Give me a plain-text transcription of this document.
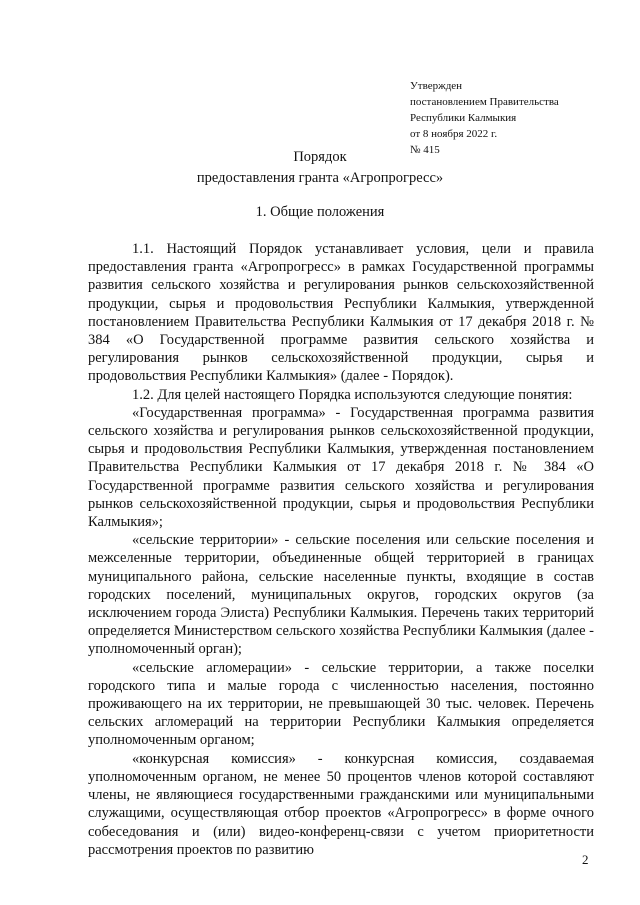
Утвержден
постановлением Правительства
Республики Калмыкия
от 8 ноября 2022 г.
№ 415
Порядок
предоставления гранта «Агропрогресс»
1. Общие положения

1.1. Настоящий Порядок устанавливает условия, цели и правила предоставления гранта «Агропрогресс» в рамках Государственной программы развития сельского хозяйства и регулирования рынков сельскохозяйственной продукции, сырья и продовольствия Республики Калмыкия, утвержденной постановлением Правительства Республики Калмыкия от 17 декабря 2018 г. № 384 «О Государственной программе развития сельского хозяйства и регулирования рынков сельскохозяйственной продукции, сырья и продовольствия Республики Калмыкия» (далее - Порядок).

1.2. Для целей настоящего Порядка используются следующие понятия:

«Государственная программа» - Государственная программа развития сельского хозяйства и регулирования рынков сельскохозяйственной продукции, сырья и продовольствия Республики Калмыкия, утвержденная постановлением Правительства Республики Калмыкия от 17 декабря 2018 г. № 384 «О Государственной программе развития сельского хозяйства и регулирования рынков сельскохозяйственной продукции, сырья и продовольствия Республики Калмыкия»;

«сельские территории» - сельские поселения или сельские поселения и межселенные территории, объединенные общей территорией в границах муниципального района, сельские населенные пункты, входящие в состав городских поселений, муниципальных округов, городских округов (за исключением города Элиста) Республики Калмыкия. Перечень таких территорий определяется Министерством сельского хозяйства Республики Калмыкия (далее - уполномоченный орган);

«сельские агломерации» - сельские территории, а также поселки городского типа и малые города с численностью населения, постоянно проживающего на их территории, не превышающей 30 тыс. человек. Перечень сельских агломераций на территории Республики Калмыкия определяется уполномоченным органом;

«конкурсная комиссия» - конкурсная комиссия, создаваемая уполномоченным органом, не менее 50 процентов членов которой составляют члены, не являющиеся государственными гражданскими или муниципальными служащими, осуществляющая отбор проектов «Агропрогресс» в форме очного собеседования и (или) видео-конференц-связи с учетом приоритетности рассмотрения проектов по развитию

2
